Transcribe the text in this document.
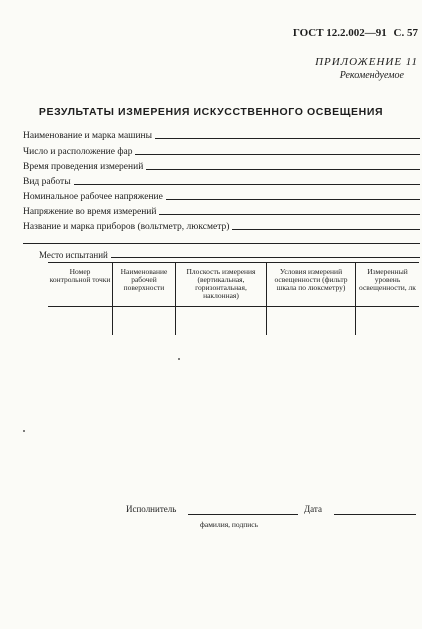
ГОСТ 12.2.002—91 С. 57
ПРИЛОЖЕНИЕ 11
Рекомендуемое
РЕЗУЛЬТАТЫ ИЗМЕРЕНИЯ ИСКУССТВЕННОГО ОСВЕЩЕНИЯ
Наименование и марка машины
Число и расположение фар
Время проведения измерений
Вид работы
Номинальное рабочее напряжение
Напряжение во время измерений
Название и марка приборов (вольтметр, люксметр)
Место испытаний
Номер контрольной точки	Наименование рабочей поверхности	Плоскость измерения (вертикальная, горизонтальная, наклонная)	Условия измерений освещенности (фильтр шкала по люксметру)	Измеренный уровень освещенности, лк

Исполнитель
фамилия, подпись
Дата
